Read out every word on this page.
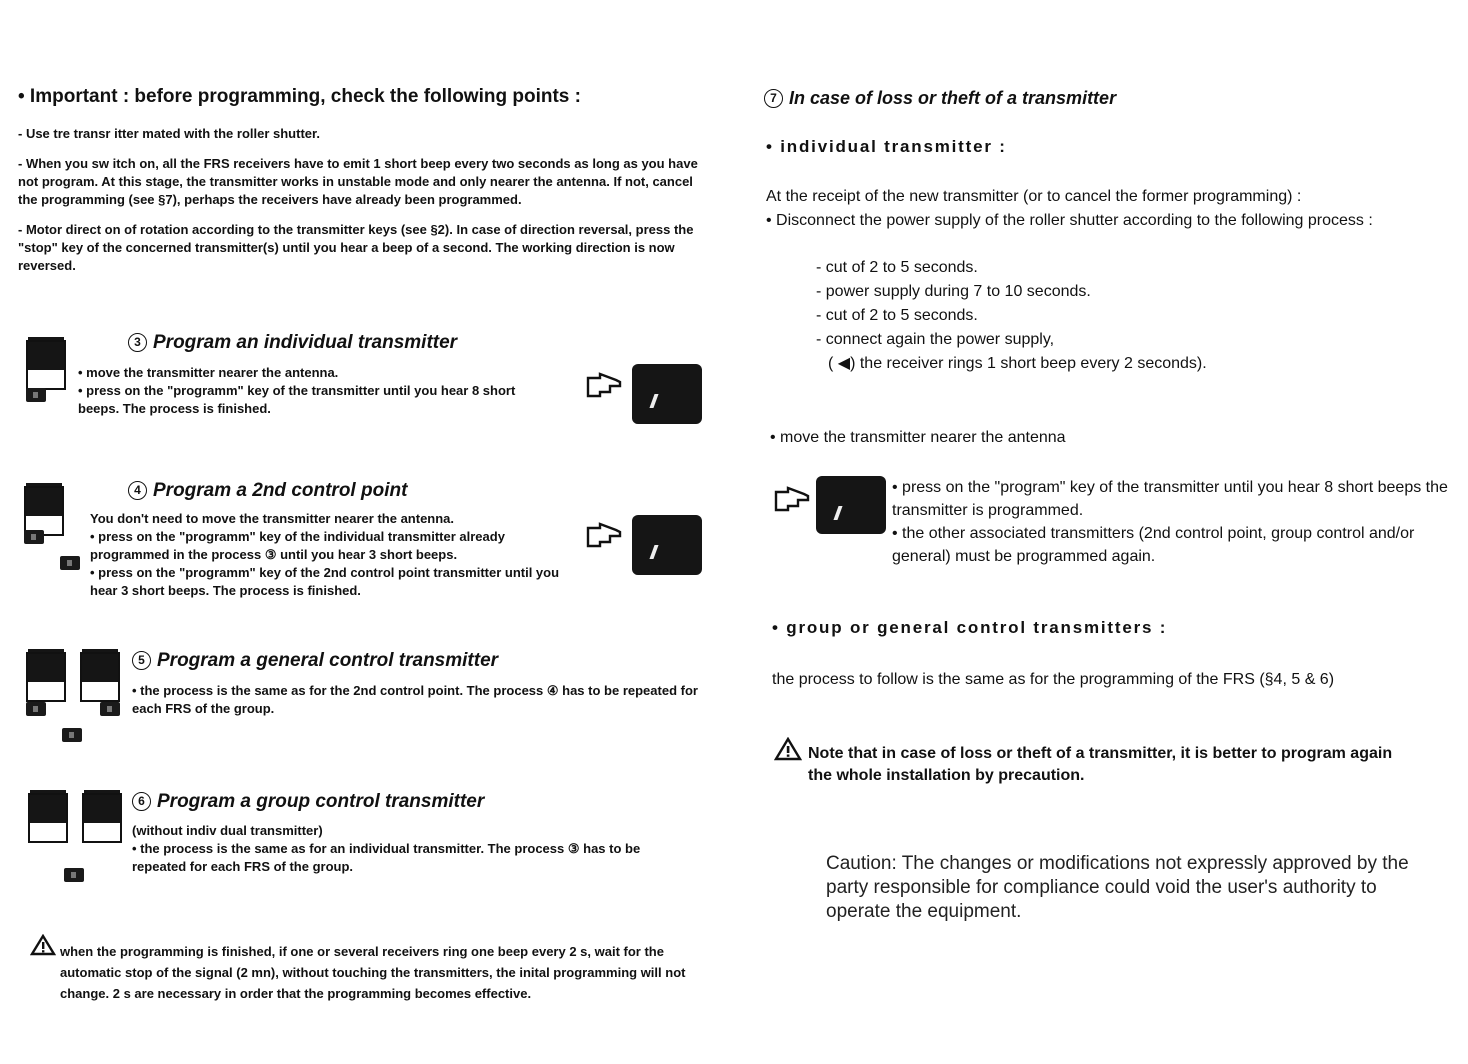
• Important : before programming, check the following points :

- Use tre transr itter mated with the roller shutter.

- When you sw itch on, all the FRS receivers have to emit 1 short beep every two seconds as long as you have not program. At this stage, the transmitter works in unstable mode and only nearer the antenna. If not, cancel the programming (see §7), perhaps the receivers have already been programmed.

- Motor direct on of rotation according to the transmitter keys (see §2). In case of direction reversal, press the "stop" key of the concerned transmitter(s) until you hear a beep of a second. The working direction is now reversed.

3 Program an individual transmitter

• move the transmitter nearer the antenna.

• press on the "programm" key of the transmitter until you hear 8 short beeps. The process is finished.

4 Program a 2nd control point

You don't need to move the transmitter nearer the antenna.

• press on the "programm" key of the individual transmitter already programmed in the process ③ until you hear 3 short beeps.

• press on the "programm" key of the 2nd control point transmitter until you hear 3 short beeps. The process is finished.

5 Program a general control transmitter

• the process is the same as for the 2nd control point. The process ④ has to be repeated for each FRS of the group.

6 Program a group control transmitter

(without indiv dual transmitter)

• the process is the same as for an individual transmitter. The process ③ has to be repeated for each FRS of the group.

when the programming is finished, if one or several receivers ring one beep every 2 s, wait for the automatic stop of the signal (2 mn), without touching the transmitters, the inital programming will not change. 2 s are necessary in order that the programming becomes effective.
7 In case of loss or theft of a transmitter
• individual transmitter :

At the receipt of the new transmitter (or to cancel the former programming) :

• Disconnect the power supply of the roller shutter according to the following process :

- cut of 2 to 5 seconds.

- power supply during 7 to 10 seconds.

- cut of 2 to 5 seconds.

- connect again the power supply,

( ◀) the receiver rings 1 short beep every 2 seconds).

• move the transmitter nearer the antenna

• press on the "program" key of the transmitter until you hear 8 short beeps the transmitter is programmed.

• the other associated transmitters (2nd control point, group control and/or general) must be programmed again.

• group or general control transmitters :
the process to follow is the same as for the programming of the FRS (§4, 5 & 6)
Note that in case of loss or theft of a transmitter, it is better to program again the whole installation by precaution.
Caution: The changes or modifications not expressly approved by the party responsible for compliance could void the user's authority to operate the equipment.
